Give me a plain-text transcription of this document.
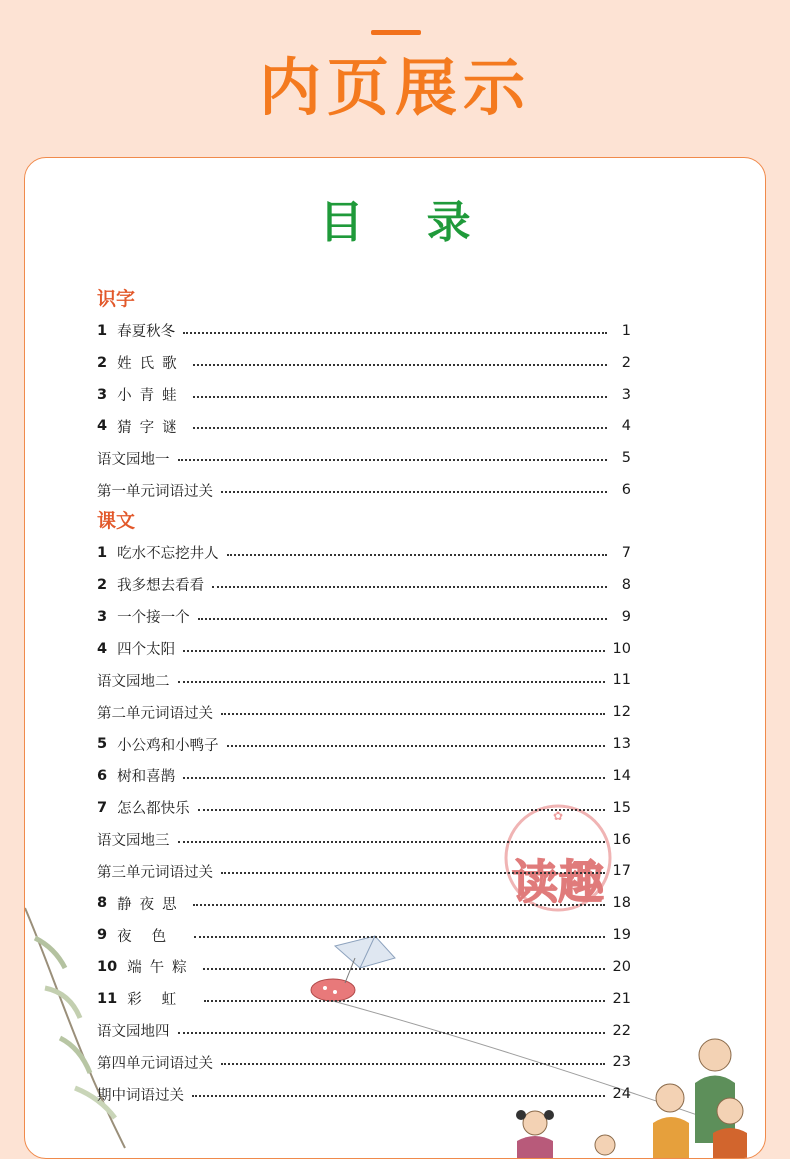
内页展示
目 录
✿
读趣
识字
1 春夏秋冬	1
2 姓氏歌	2
3 小青蛙	3
4 猜字谜	4
语文园地一	5
第一单元词语过关	6
课文
1 吃水不忘挖井人	7
2 我多想去看看	8
3 一个接一个	9
4 四个太阳	10
语文园地二	11
第二单元词语过关	12
5 小公鸡和小鸭子	13
6 树和喜鹊	14
7 怎么都快乐	15
语文园地三	16
第三单元词语过关	17
8 静夜思	18
9 夜色	19
10 端午粽	20
11 彩虹	21
语文园地四	22
第四单元词语过关	23
期中词语过关	24
